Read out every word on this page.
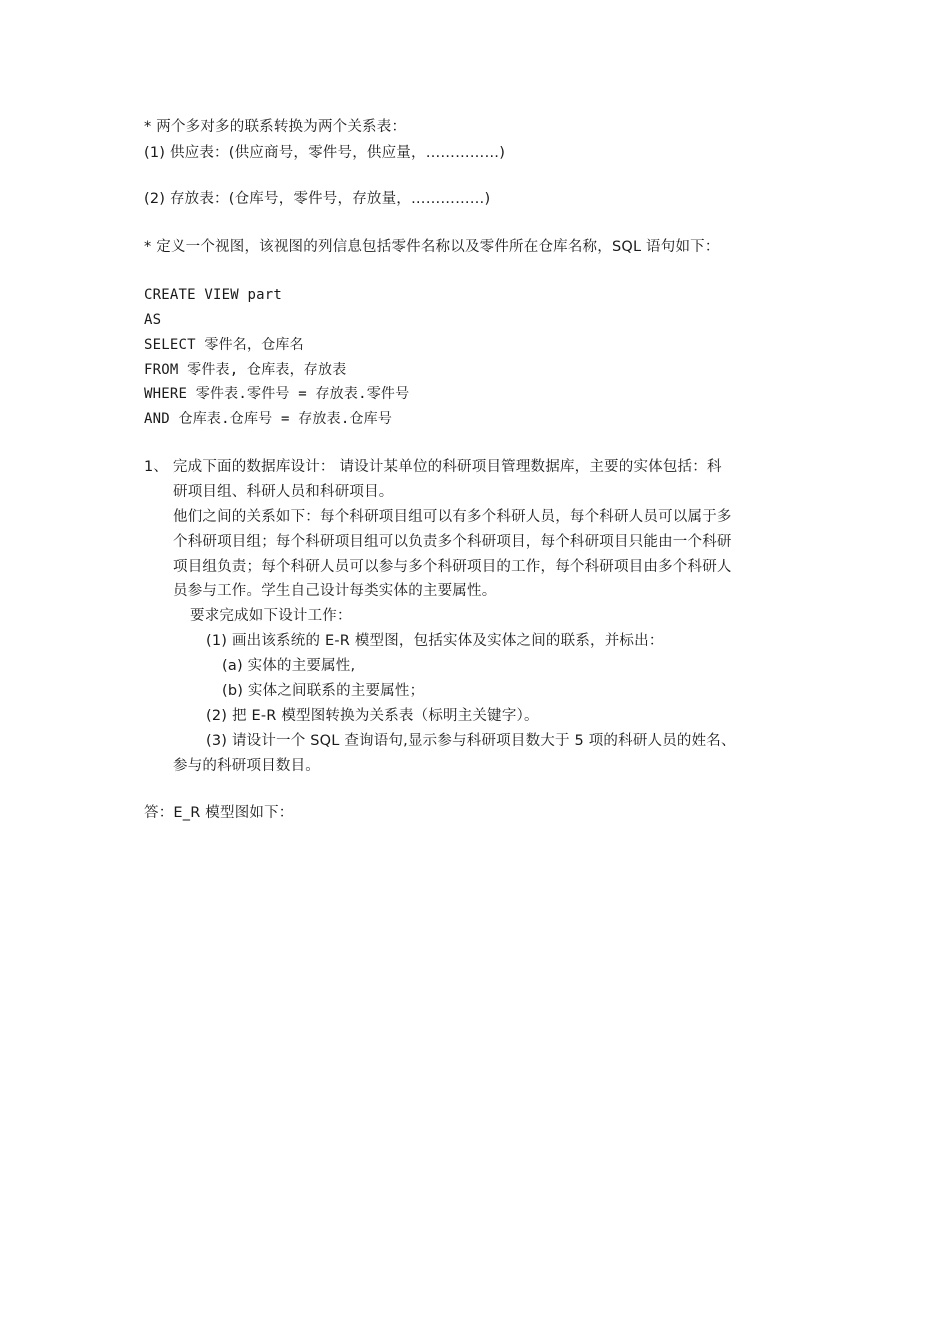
* 两个多对多的联系转换为两个关系表：
(1) 供应表：(供应商号，零件号，供应量，……………)
(2) 存放表：(仓库号，零件号，存放量，……………)
* 定义一个视图，该视图的列信息包括零件名称以及零件所在仓库名称，SQL 语句如下：
CREATE VIEW part
AS
SELECT 零件名，仓库名
FROM 零件表, 仓库表，存放表
WHERE 零件表.零件号 = 存放表.零件号
AND 仓库表.仓库号 = 存放表.仓库号
1、 完成下面的数据库设计： 请设计某单位的科研项目管理数据库，主要的实体包括：科
研项目组、科研人员和科研项目。
他们之间的关系如下：每个科研项目组可以有多个科研人员，每个科研人员可以属于多
个科研项目组；每个科研项目组可以负责多个科研项目，每个科研项目只能由一个科研
项目组负责；每个科研人员可以参与多个科研项目的工作，每个科研项目由多个科研人
员参与工作。学生自己设计每类实体的主要属性。
要求完成如下设计工作：
(1) 画出该系统的 E-R 模型图，包括实体及实体之间的联系，并标出：
(a) 实体的主要属性,
(b) 实体之间联系的主要属性；
(2) 把 E-R 模型图转换为关系表（标明主关键字）。
(3) 请设计一个 SQL 查询语句,显示参与科研项目数大于 5 项的科研人员的姓名、
参与的科研项目数目。
答：E_R 模型图如下：
